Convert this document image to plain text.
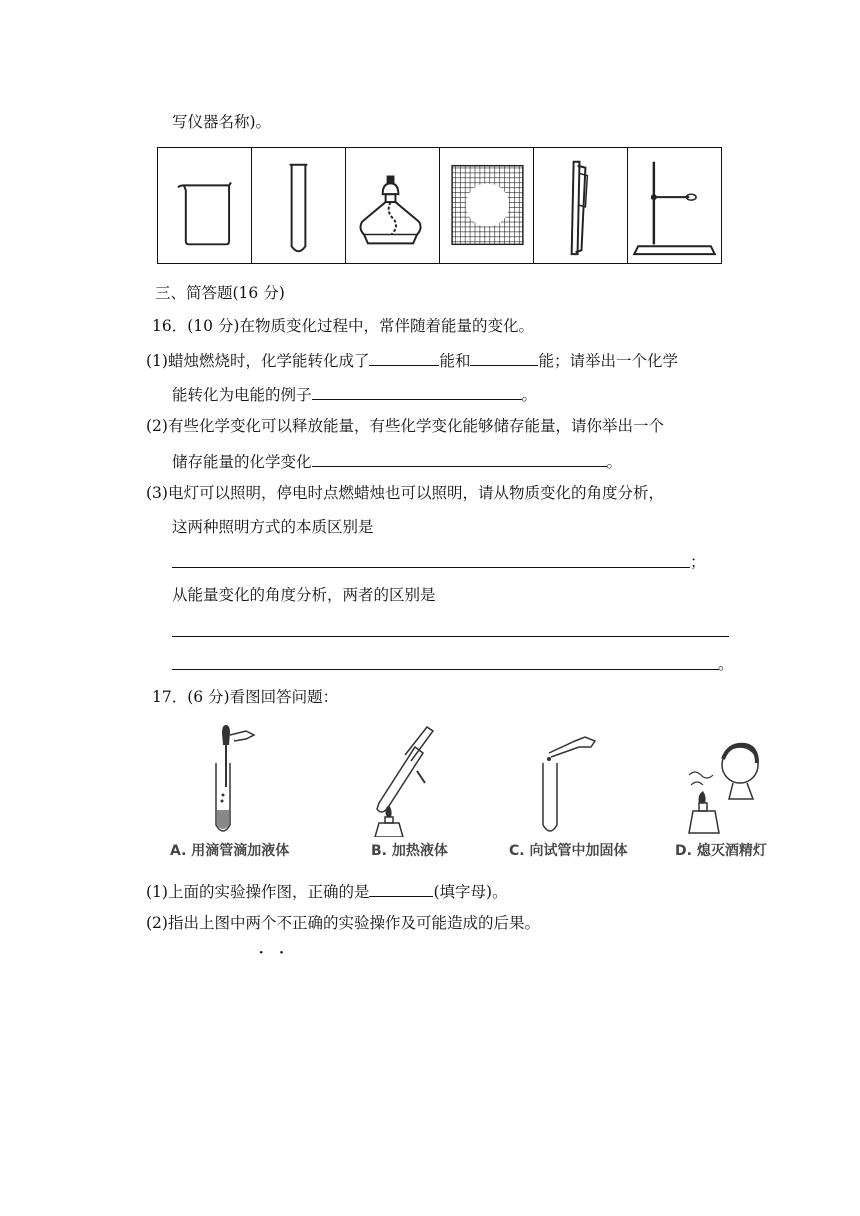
写仪器名称)。
三、简答题(16 分)
16．(10 分)在物质变化过程中，常伴随着能量的变化。
(1)蜡烛燃烧时，化学能转化成了	能和	能；请举出一个化学
能转化为电能的例子	。
(2)有些化学变化可以释放能量，有些化学变化能够储存能量，请你举出一个
储存能量的化学变化	。
(3)电灯可以照明，停电时点燃蜡烛也可以照明，请从物质变化的角度分析，
这两种照明方式的本质区别是
；
从能量变化的角度分析，两者的区别是
。
17．(6 分)看图回答问题：
A. 用滴管滴加液体	B. 加热液体	C. 向试管中加固体	D. 熄灭酒精灯
(1)上面的实验操作图，正确的是	(填字母)。
(2)指出上图中两个不正确的实验操作及可能造成的后果。
··
